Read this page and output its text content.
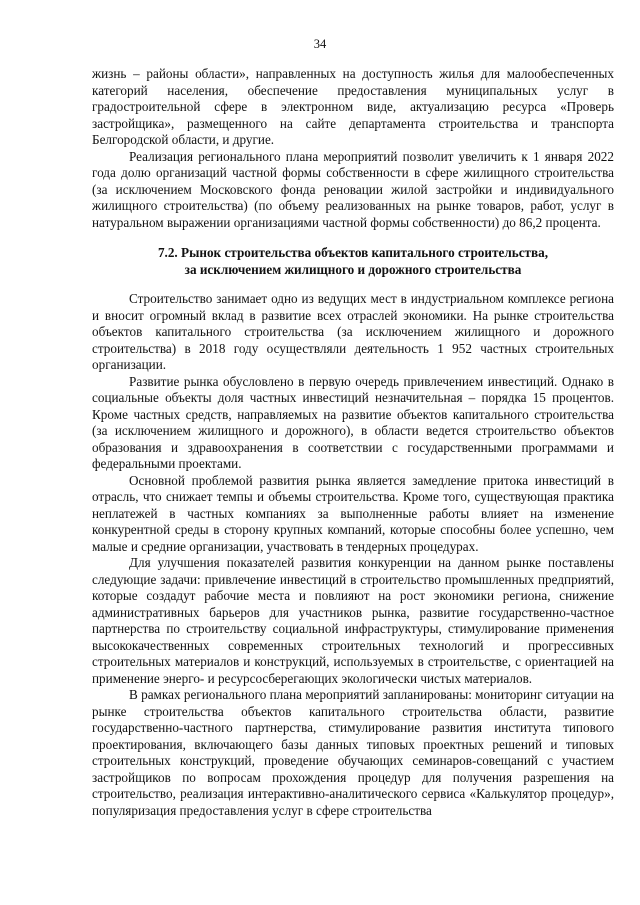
34

жизнь – районы области», направленных на доступность жилья для малообеспеченных категорий населения, обеспечение предоставления муниципальных услуг в градостроительной сфере в электронном виде, актуализацию ресурса «Проверь застройщика», размещенного на сайте департамента строительства и транспорта Белгородской области, и другие.

Реализация регионального плана мероприятий позволит увеличить к 1 января 2022 года долю организаций частной формы собственности в сфере жилищного строительства (за исключением Московского фонда реновации жилой застройки и индивидуального жилищного строительства) (по объему реализованных на рынке товаров, работ, услуг в натуральном выражении организациями частной формы собственности) до 86,2 процента.

7.2. Рынок строительства объектов капитального строительства,
за исключением жилищного и дорожного строительства

Строительство занимает одно из ведущих мест в индустриальном комплексе региона и вносит огромный вклад в развитие всех отраслей экономики. На рынке строительства объектов капитального строительства (за исключением жилищного и дорожного строительства) в 2018 году осуществляли деятельность 1 952 частных строительных организации.

Развитие рынка обусловлено в первую очередь привлечением инвестиций. Однако в социальные объекты доля частных инвестиций незначительная – порядка 15 процентов. Кроме частных средств, направляемых на развитие объектов капитального строительства (за исключением жилищного и дорожного), в области ведется строительство объектов образования и здравоохранения в соответствии с государственными программами и федеральными проектами.

Основной проблемой развития рынка является замедление притока инвестиций в отрасль, что снижает темпы и объемы строительства. Кроме того, существующая практика неплатежей в частных компаниях за выполненные работы влияет на изменение конкурентной среды в сторону крупных компаний, которые способны более успешно, чем малые и средние организации, участвовать в тендерных процедурах.

Для улучшения показателей развития конкуренции на данном рынке поставлены следующие задачи: привлечение инвестиций в строительство промышленных предприятий, которые создадут рабочие места и повлияют на рост экономики региона, снижение административных барьеров для участников рынка, развитие государственно-частное партнерства по строительству социальной инфраструктуры, стимулирование применения высококачественных современных строительных технологий и прогрессивных строительных материалов и конструкций, используемых в строительстве, с ориентацией на применение энерго- и ресурсосберегающих экологически чистых материалов.

В рамках регионального плана мероприятий запланированы: мониторинг ситуации на рынке строительства объектов капитального строительства области, развитие государственно-частного партнерства, стимулирование развития института типового проектирования, включающего базы данных типовых проектных решений и типовых строительных конструкций, проведение обучающих семинаров-совещаний с участием застройщиков по вопросам прохождения процедур для получения разрешения на строительство, реализация интерактивно-аналитического сервиса «Калькулятор процедур», популяризация предоставления услуг в сфере строительства
